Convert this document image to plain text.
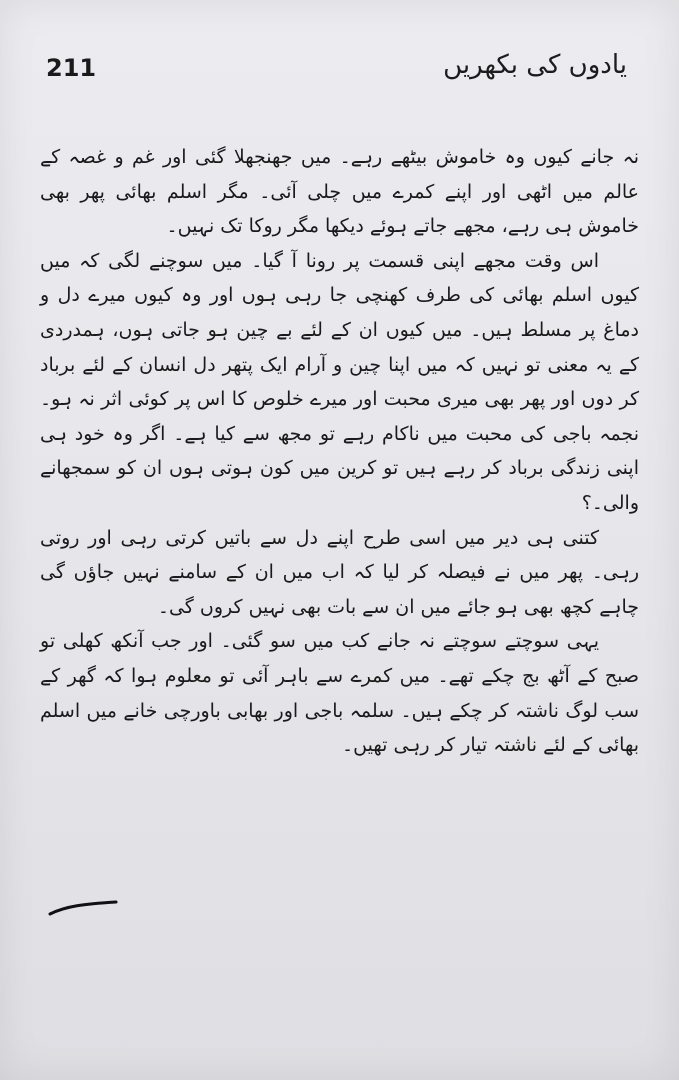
211	یادوں کی بکھریں

نہ جانے کیوں وہ خاموش بیٹھے رہے۔ میں جھنجھلا گئی اور غم و غصہ کے عالم میں اٹھی اور اپنے کمرے میں چلی آئی۔ مگر اسلم بھائی پھر بھی خاموش ہی رہے، مجھے جاتے ہوئے دیکھا مگر روکا تک نہیں۔

اس وقت مجھے اپنی قسمت پر رونا آ گیا۔ میں سوچنے لگی کہ میں کیوں اسلم بھائی کی طرف کھنچی جا رہی ہوں اور وہ کیوں میرے دل و دماغ پر مسلط ہیں۔ میں کیوں ان کے لئے بے چین ہو جاتی ہوں، ہمدردی کے یہ معنی تو نہیں کہ میں اپنا چین و آرام ایک پتھر دل انسان کے لئے برباد کر دوں اور پھر بھی میری محبت اور میرے خلوص کا اس پر کوئی اثر نہ ہو۔ نجمہ باجی کی محبت میں ناکام رہے تو مجھ سے کیا ہے۔ اگر وہ خود ہی اپنی زندگی برباد کر رہے ہیں تو کرین میں کون ہوتی ہوں ان کو سمجھانے والی۔؟

کتنی ہی دیر میں اسی طرح اپنے دل سے باتیں کرتی رہی اور روتی رہی۔ پھر میں نے فیصلہ کر لیا کہ اب میں ان کے سامنے نہیں جاؤں گی چاہے کچھ بھی ہو جائے میں ان سے بات بھی نہیں کروں گی۔

یہی سوچتے سوچتے نہ جانے کب میں سو گئی۔ اور جب آنکھ کھلی تو صبح کے آٹھ بج چکے تھے۔ میں کمرے سے باہر آئی تو معلوم ہوا کہ گھر کے سب لوگ ناشتہ کر چکے ہیں۔ سلمہ باجی اور بھابی باورچی خانے میں اسلم بھائی کے لئے ناشتہ تیار کر رہی تھیں۔
